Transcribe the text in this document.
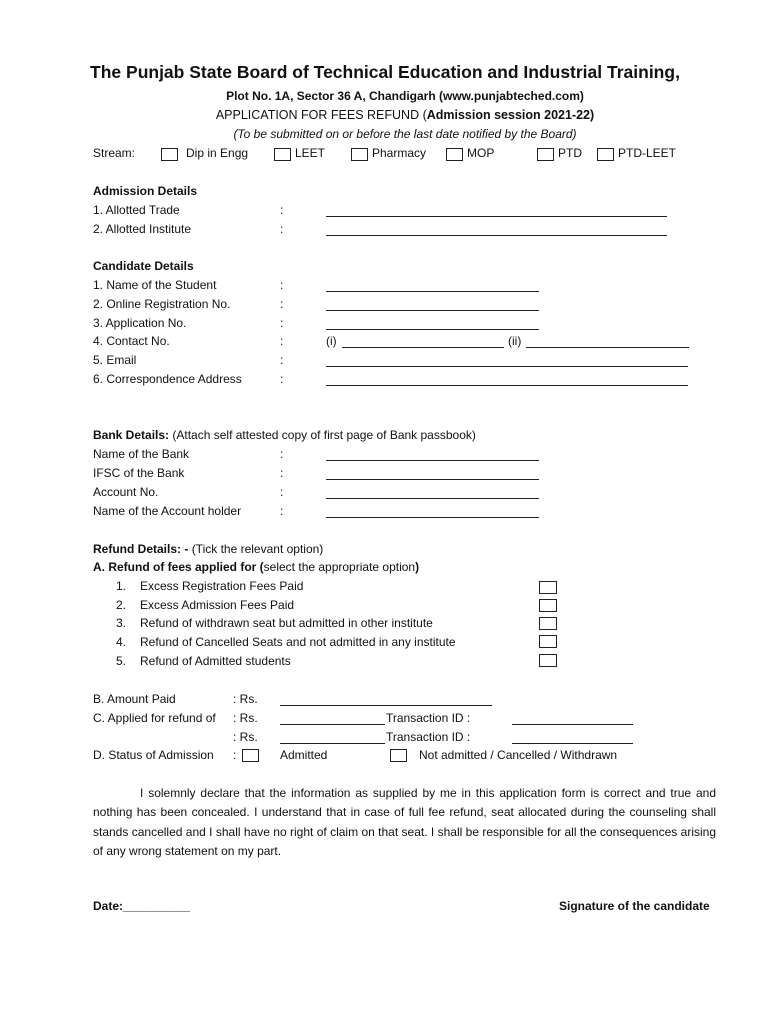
The Punjab State Board of Technical Education and Industrial Training,
Plot No. 1A, Sector 36 A, Chandigarh (www.punjabteched.com)
APPLICATION FOR FEES REFUND (Admission session 2021-22)
(To be submitted on or before the last date notified by the Board)
Stream:	Dip in Engg	LEET	Pharmacy	MOP	PTD	PTD-LEET
Admission Details
1. Allotted Trade	:
2. Allotted Institute	:
Candidate Details
1. Name of the Student	:
2. Online Registration No.	:
3. Application No.	:
4. Contact No.	:	(i)	(ii)
5. Email	:
6. Correspondence Address	:
Bank Details: (Attach self attested copy of first page of Bank passbook)
Name of the Bank	:
IFSC of the Bank	:
Account No.	:
Name of the Account holder	:
Refund Details: - (Tick the relevant option)
A. Refund of fees applied for (select the appropriate option)
1. Excess Registration Fees Paid
2. Excess Admission Fees Paid
3. Refund of withdrawn seat but admitted in other institute
4. Refund of Cancelled Seats and not admitted in any institute
5. Refund of Admitted students
B. Amount Paid	: Rs.
C. Applied for refund of : Rs.	Transaction ID :
: Rs.	Transaction ID :
D. Status of Admission :	Admitted	Not admitted / Cancelled / Withdrawn
I solemnly declare that the information as supplied by me in this application form is correct and true and nothing has been concealed. I understand that in case of full fee refund, seat allocated during the counseling shall stands cancelled and I shall have no right of claim on that seat. I shall be responsible for all the consequences arising of any wrong statement on my part.
Date:__________	Signature of the candidate
